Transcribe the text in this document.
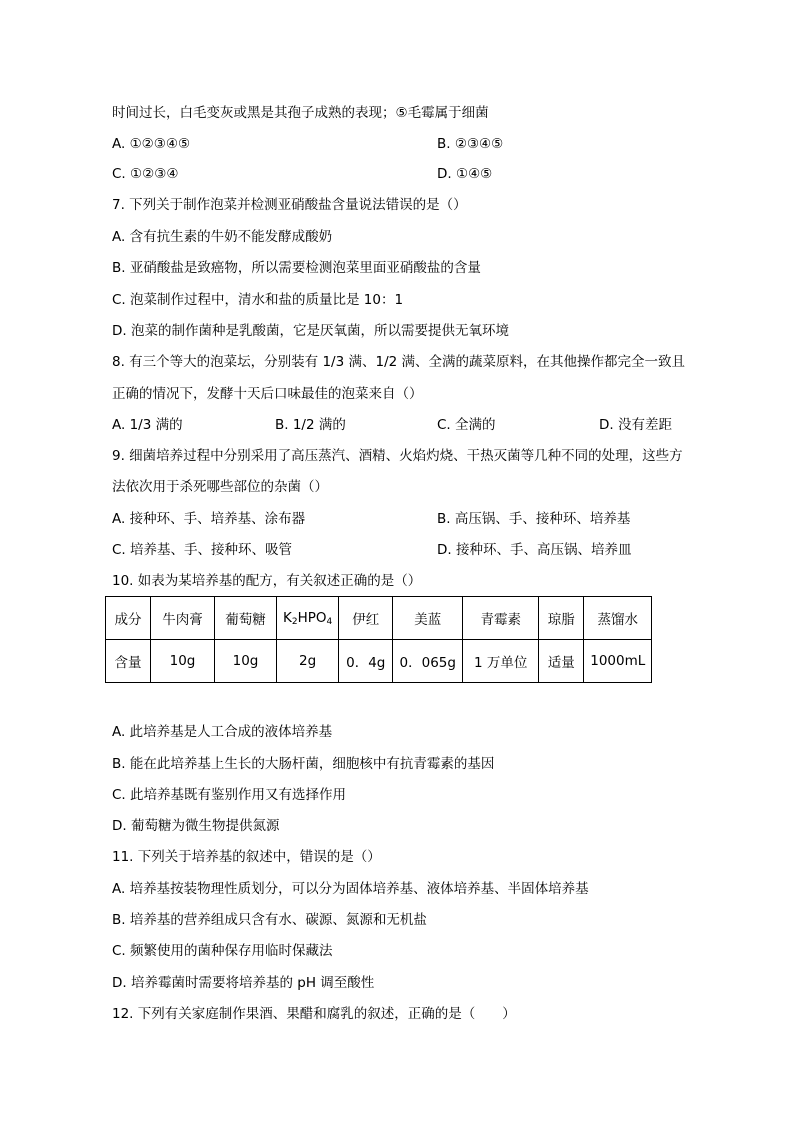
时间过长，白毛变灰或黑是其孢子成熟的表现；⑤毛霉属于细菌
A. ①②③④⑤	B. ②③④⑤
C. ①②③④	D. ①④⑤
7. 下列关于制作泡菜并检测亚硝酸盐含量说法错误的是（）
A. 含有抗生素的牛奶不能发酵成酸奶
B. 亚硝酸盐是致癌物，所以需要检测泡菜里面亚硝酸盐的含量
C. 泡菜制作过程中，清水和盐的质量比是 10：1
D. 泡菜的制作菌种是乳酸菌，它是厌氧菌，所以需要提供无氧环境
8. 有三个等大的泡菜坛，分别装有 1/3 满、1/2 满、全满的蔬菜原料，在其他操作都完全一致且
正确的情况下，发酵十天后口味最佳的泡菜来自（）
A. 1/3 满的	B. 1/2 满的	C. 全满的	D. 没有差距
9. 细菌培养过程中分别采用了高压蒸汽、酒精、火焰灼烧、干热灭菌等几种不同的处理，这些方
法依次用于杀死哪些部位的杂菌（）
A. 接种环、手、培养基、涂布器	B. 高压锅、手、接种环、培养基
C. 培养基、手、接种环、吸管	D. 接种环、手、高压锅、培养皿
10. 如表为某培养基的配方，有关叙述正确的是（）
成分	牛肉膏	葡萄糖	$K_2HPO_4$	伊红	美蓝	青霉素	琼脂	蒸馏水
含量	10g	10g	2g	0．4g	0．065g	1 万单位	适量	1000mL
A. 此培养基是人工合成的液体培养基
B. 能在此培养基上生长的大肠杆菌，细胞核中有抗青霉素的基因
C. 此培养基既有鉴别作用又有选择作用
D. 葡萄糖为微生物提供氮源
11. 下列关于培养基的叙述中，错误的是（）
A. 培养基按装物理性质划分，可以分为固体培养基、液体培养基、半固体培养基
B. 培养基的营养组成只含有水、碳源、氮源和无机盐
C. 频繁使用的菌种保存用临时保藏法
D. 培养霉菌时需要将培养基的 pH 调至酸性
12. 下列有关家庭制作果酒、果醋和腐乳的叙述，正确的是（　　）
